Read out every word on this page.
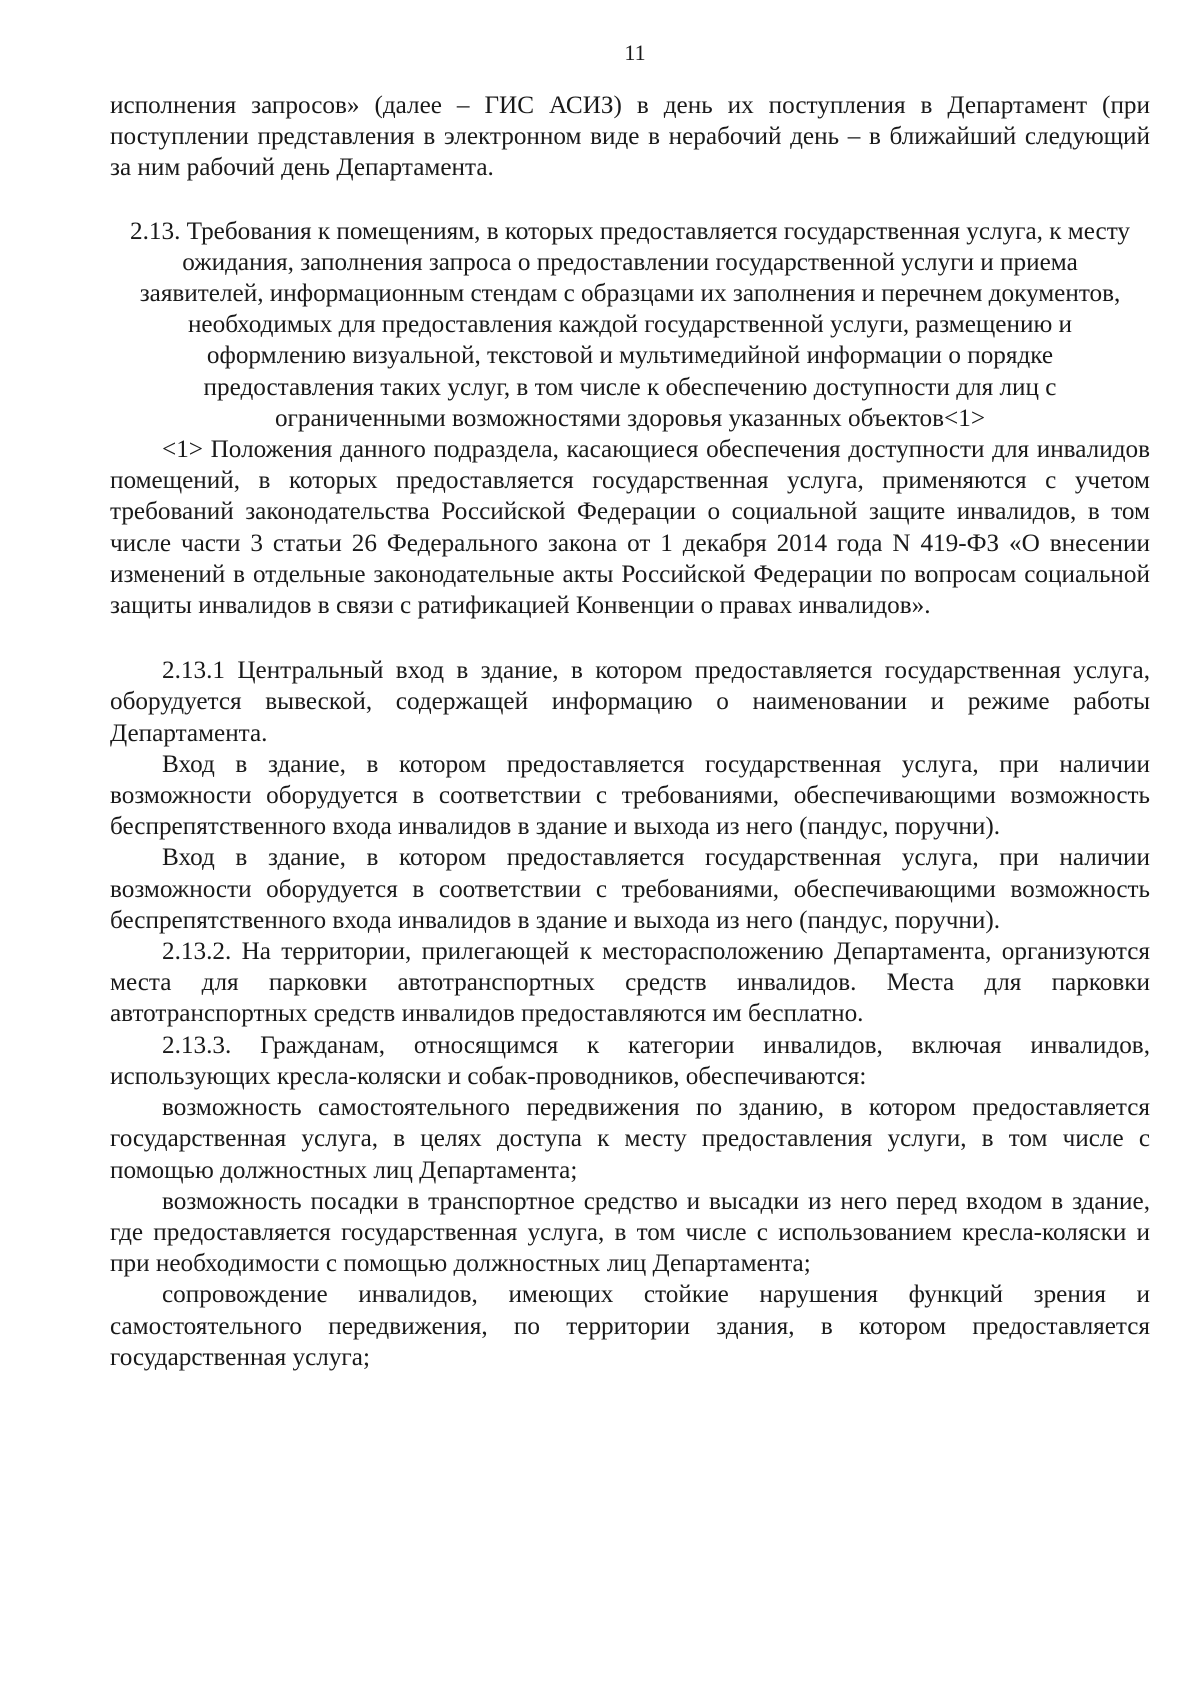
11

исполнения запросов» (далее – ГИС АСИЗ) в день их поступления в Департамент (при поступлении представления в электронном виде в нерабочий день – в ближайший следующий за ним рабочий день Департамента.

2.13. Требования к помещениям, в которых предоставляется государственная услуга, к месту ожидания, заполнения запроса о предоставлении государственной услуги и приема заявителей, информационным стендам с образцами их заполнения и перечнем документов, необходимых для предоставления каждой государственной услуги, размещению и оформлению визуальной, текстовой и мультимедийной информации о порядке предоставления таких услуг, в том числе к обеспечению доступности для лиц с ограниченными возможностями здоровья указанных объектов<1>

<1> Положения данного подраздела, касающиеся обеспечения доступности для инвалидов помещений, в которых предоставляется государственная услуга, применяются с учетом требований законодательства Российской Федерации о социальной защите инвалидов, в том числе части 3 статьи 26 Федерального закона от 1 декабря 2014 года N 419-ФЗ «О внесении изменений в отдельные законодательные акты Российской Федерации по вопросам социальной защиты инвалидов в связи с ратификацией Конвенции о правах инвалидов».

2.13.1 Центральный вход в здание, в котором предоставляется государственная услуга, оборудуется вывеской, содержащей информацию о наименовании и режиме работы Департамента.

Вход в здание, в котором предоставляется государственная услуга, при наличии возможности оборудуется в соответствии с требованиями, обеспечивающими возможность беспрепятственного входа инвалидов в здание и выхода из него (пандус, поручни).

Вход в здание, в котором предоставляется государственная услуга, при наличии возможности оборудуется в соответствии с требованиями, обеспечивающими возможность беспрепятственного входа инвалидов в здание и выхода из него (пандус, поручни).

2.13.2. На территории, прилегающей к месторасположению Департамента, организуются места для парковки автотранспортных средств инвалидов. Места для парковки автотранспортных средств инвалидов предоставляются им бесплатно.

2.13.3. Гражданам, относящимся к категории инвалидов, включая инвалидов, использующих кресла-коляски и собак-проводников, обеспечиваются:

возможность самостоятельного передвижения по зданию, в котором предоставляется государственная услуга, в целях доступа к месту предоставления услуги, в том числе с помощью должностных лиц Департамента;

возможность посадки в транспортное средство и высадки из него перед входом в здание, где предоставляется государственная услуга, в том числе с использованием кресла-коляски и при необходимости с помощью должностных лиц Департамента;

сопровождение инвалидов, имеющих стойкие нарушения функций зрения и самостоятельного передвижения, по территории здания, в котором предоставляется государственная услуга;
